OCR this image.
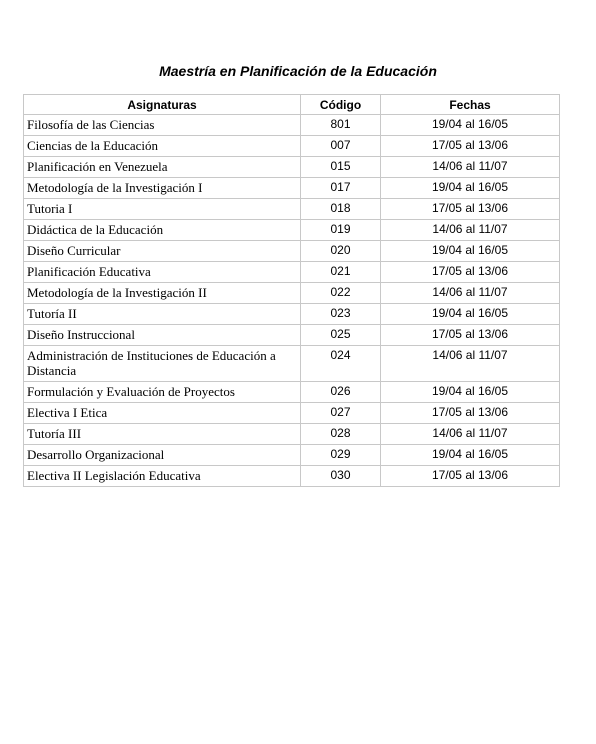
Maestría en Planificación de la Educación
Asignaturas	Código	Fechas
Filosofía de las Ciencias	801	19/04 al 16/05
Ciencias de la Educación	007	17/05 al 13/06
Planificación en Venezuela	015	14/06 al 11/07
Metodología de la Investigación I	017	19/04 al 16/05
Tutoria I	018	17/05 al 13/06
Didáctica de la Educación	019	14/06 al 11/07
Diseño Curricular	020	19/04 al 16/05
Planificación Educativa	021	17/05 al 13/06
Metodología de la Investigación II	022	14/06 al 11/07
Tutoría II	023	19/04 al 16/05
Diseño Instruccional	025	17/05 al 13/06
Administración de Instituciones de Educación a Distancia	024	14/06 al 11/07
Formulación y Evaluación de Proyectos	026	19/04 al 16/05
Electiva I Etica	027	17/05 al 13/06
Tutoría III	028	14/06 al 11/07
Desarrollo Organizacional	029	19/04 al 16/05
Electiva II Legislación Educativa	030	17/05 al 13/06
